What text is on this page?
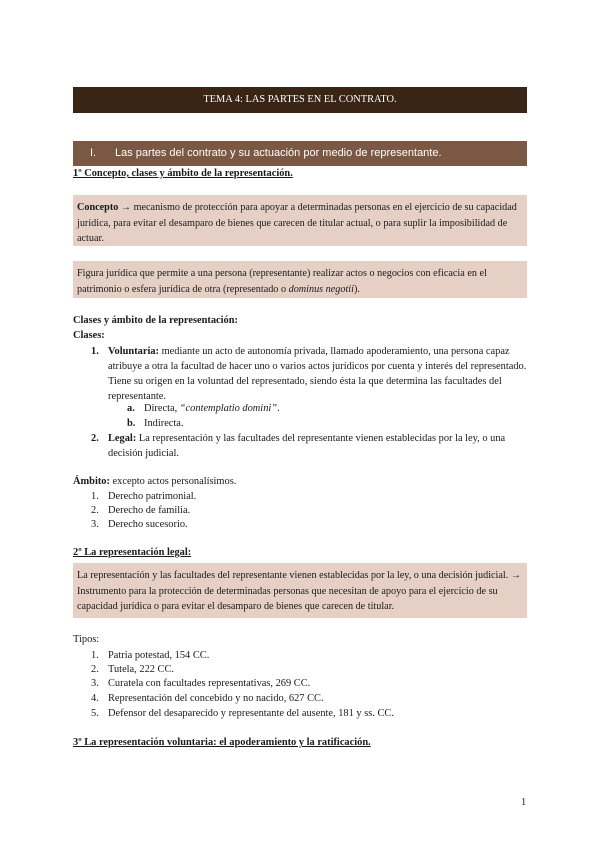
TEMA 4: LAS PARTES EN EL CONTRATO.
I. Las partes del contrato y su actuación por medio de representante.
1º Concepto, clases y ámbito de la representación.
Concepto → mecanismo de protección para apoyar a determinadas personas en el ejercicio de su capacidad jurídica, para evitar el desamparo de bienes que carecen de titular actual, o para suplir la imposibilidad de actuar.
Figura jurídica que permite a una persona (representante) realizar actos o negocios con eficacia en el patrimonio o esfera jurídica de otra (representado o dominus negotii).
Clases y ámbito de la representación:
Clases:
1. Voluntaria: mediante un acto de autonomía privada, llamado apoderamiento, una persona capaz atribuye a otra la facultad de hacer uno o varios actos jurídicos por cuenta y interés del representado. Tiene su origen en la voluntad del representado, siendo ésta la que determina las facultades del representante.
a. Directa, “contemplatio domini”.
b. Indirecta.
2. Legal: La representación y las facultades del representante vienen establecidas por la ley, o una decisión judicial.
Ámbito: excepto actos personalísimos.
1. Derecho patrimonial.
2. Derecho de familia.
3. Derecho sucesorio.
2º La representación legal:
La representación y las facultades del representante vienen establecidas por la ley, o una decisión judicial. → Instrumento para la protección de determinadas personas que necesitan de apoyo para el ejercicio de su capacidad jurídica o para evitar el desamparo de bienes que carecen de titular.
Tipos:
1. Patria potestad, 154 CC.
2. Tutela, 222 CC.
3. Curatela con facultades representativas, 269 CC.
4. Representación del concebido y no nacido, 627 CC.
5. Defensor del desaparecido y representante del ausente, 181 y ss. CC.
3º La representación voluntaria: el apoderamiento y la ratificación.
1
